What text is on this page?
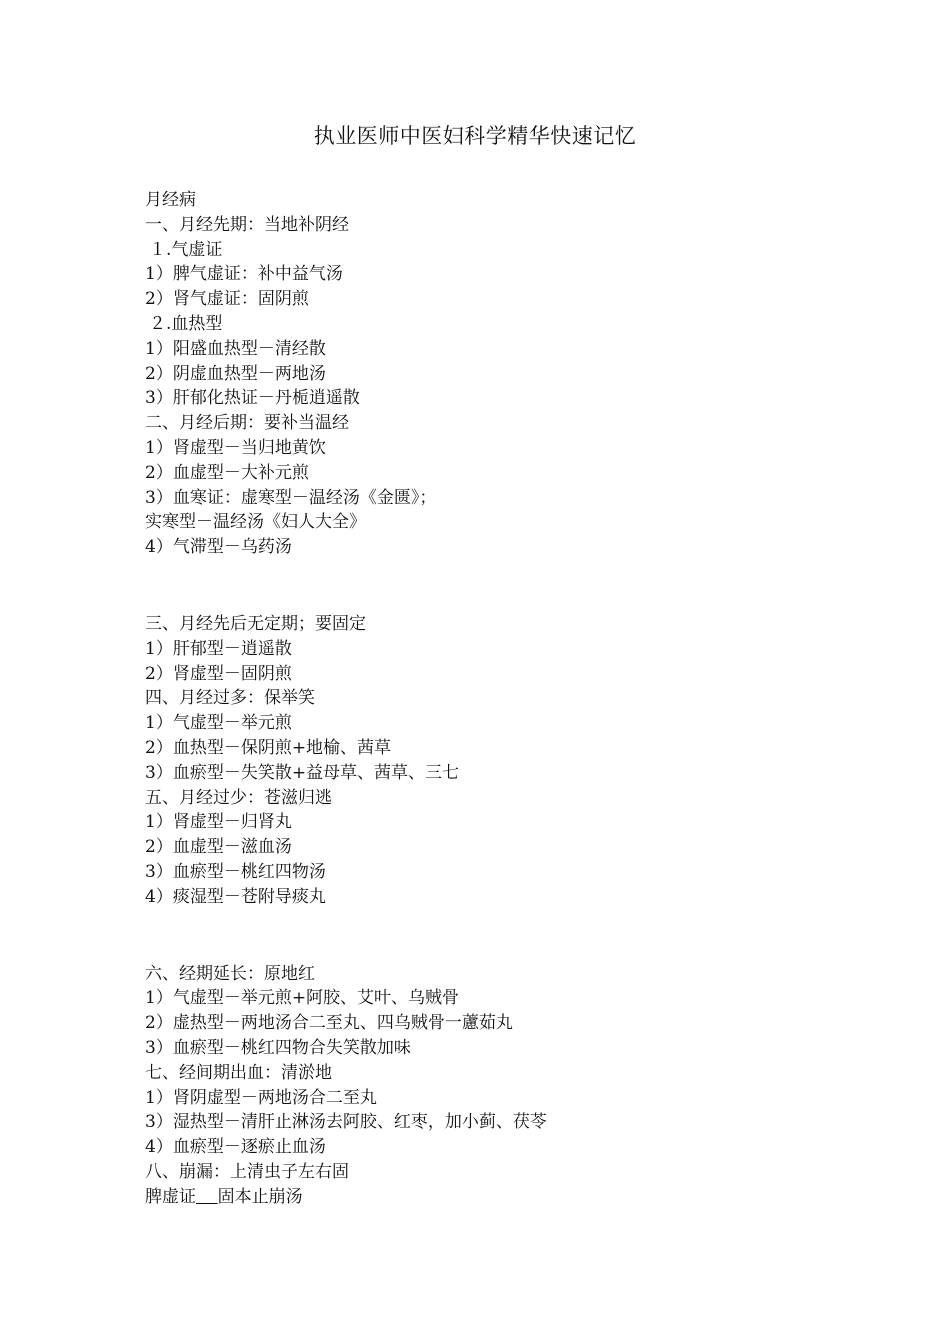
执业医师中医妇科学精华快速记忆
月经病
一、月经先期：当地补阴经
１.气虚证
1）脾气虚证：补中益气汤
2）肾气虚证：固阴煎
２.血热型
1）阳盛血热型－清经散
2）阴虚血热型－两地汤
3）肝郁化热证－丹栀逍遥散
二、月经后期：要补当温经
1）肾虚型－当归地黄饮
2）血虚型－大补元煎
3）血寒证：虚寒型－温经汤《金匮》；
实寒型－温经汤《妇人大全》
4）气滞型－乌药汤
三、月经先后无定期；要固定
1）肝郁型－逍遥散
2）肾虚型－固阴煎
四、月经过多：保举笑
1）气虚型－举元煎
2）血热型－保阴煎+地榆、茜草
3）血瘀型－失笑散+益母草、茜草、三七
五、月经过少：苍滋归逃
1）肾虚型－归肾丸
2）血虚型－滋血汤
3）血瘀型－桃红四物汤
4）痰湿型－苍附导痰丸
六、经期延长：原地红
1）气虚型－举元煎+阿胶、艾叶、乌贼骨
2）虚热型－两地汤合二至丸、四乌贼骨一藘茹丸
3）血瘀型－桃红四物合失笑散加味
七、经间期出血：清淤地
1）肾阴虚型－两地汤合二至丸
3）湿热型－清肝止淋汤去阿胶、红枣，加小蓟、茯苓
4）血瘀型－逐瘀止血汤
八、崩漏：上清虫子左右固
脾虚证 固本止崩汤
